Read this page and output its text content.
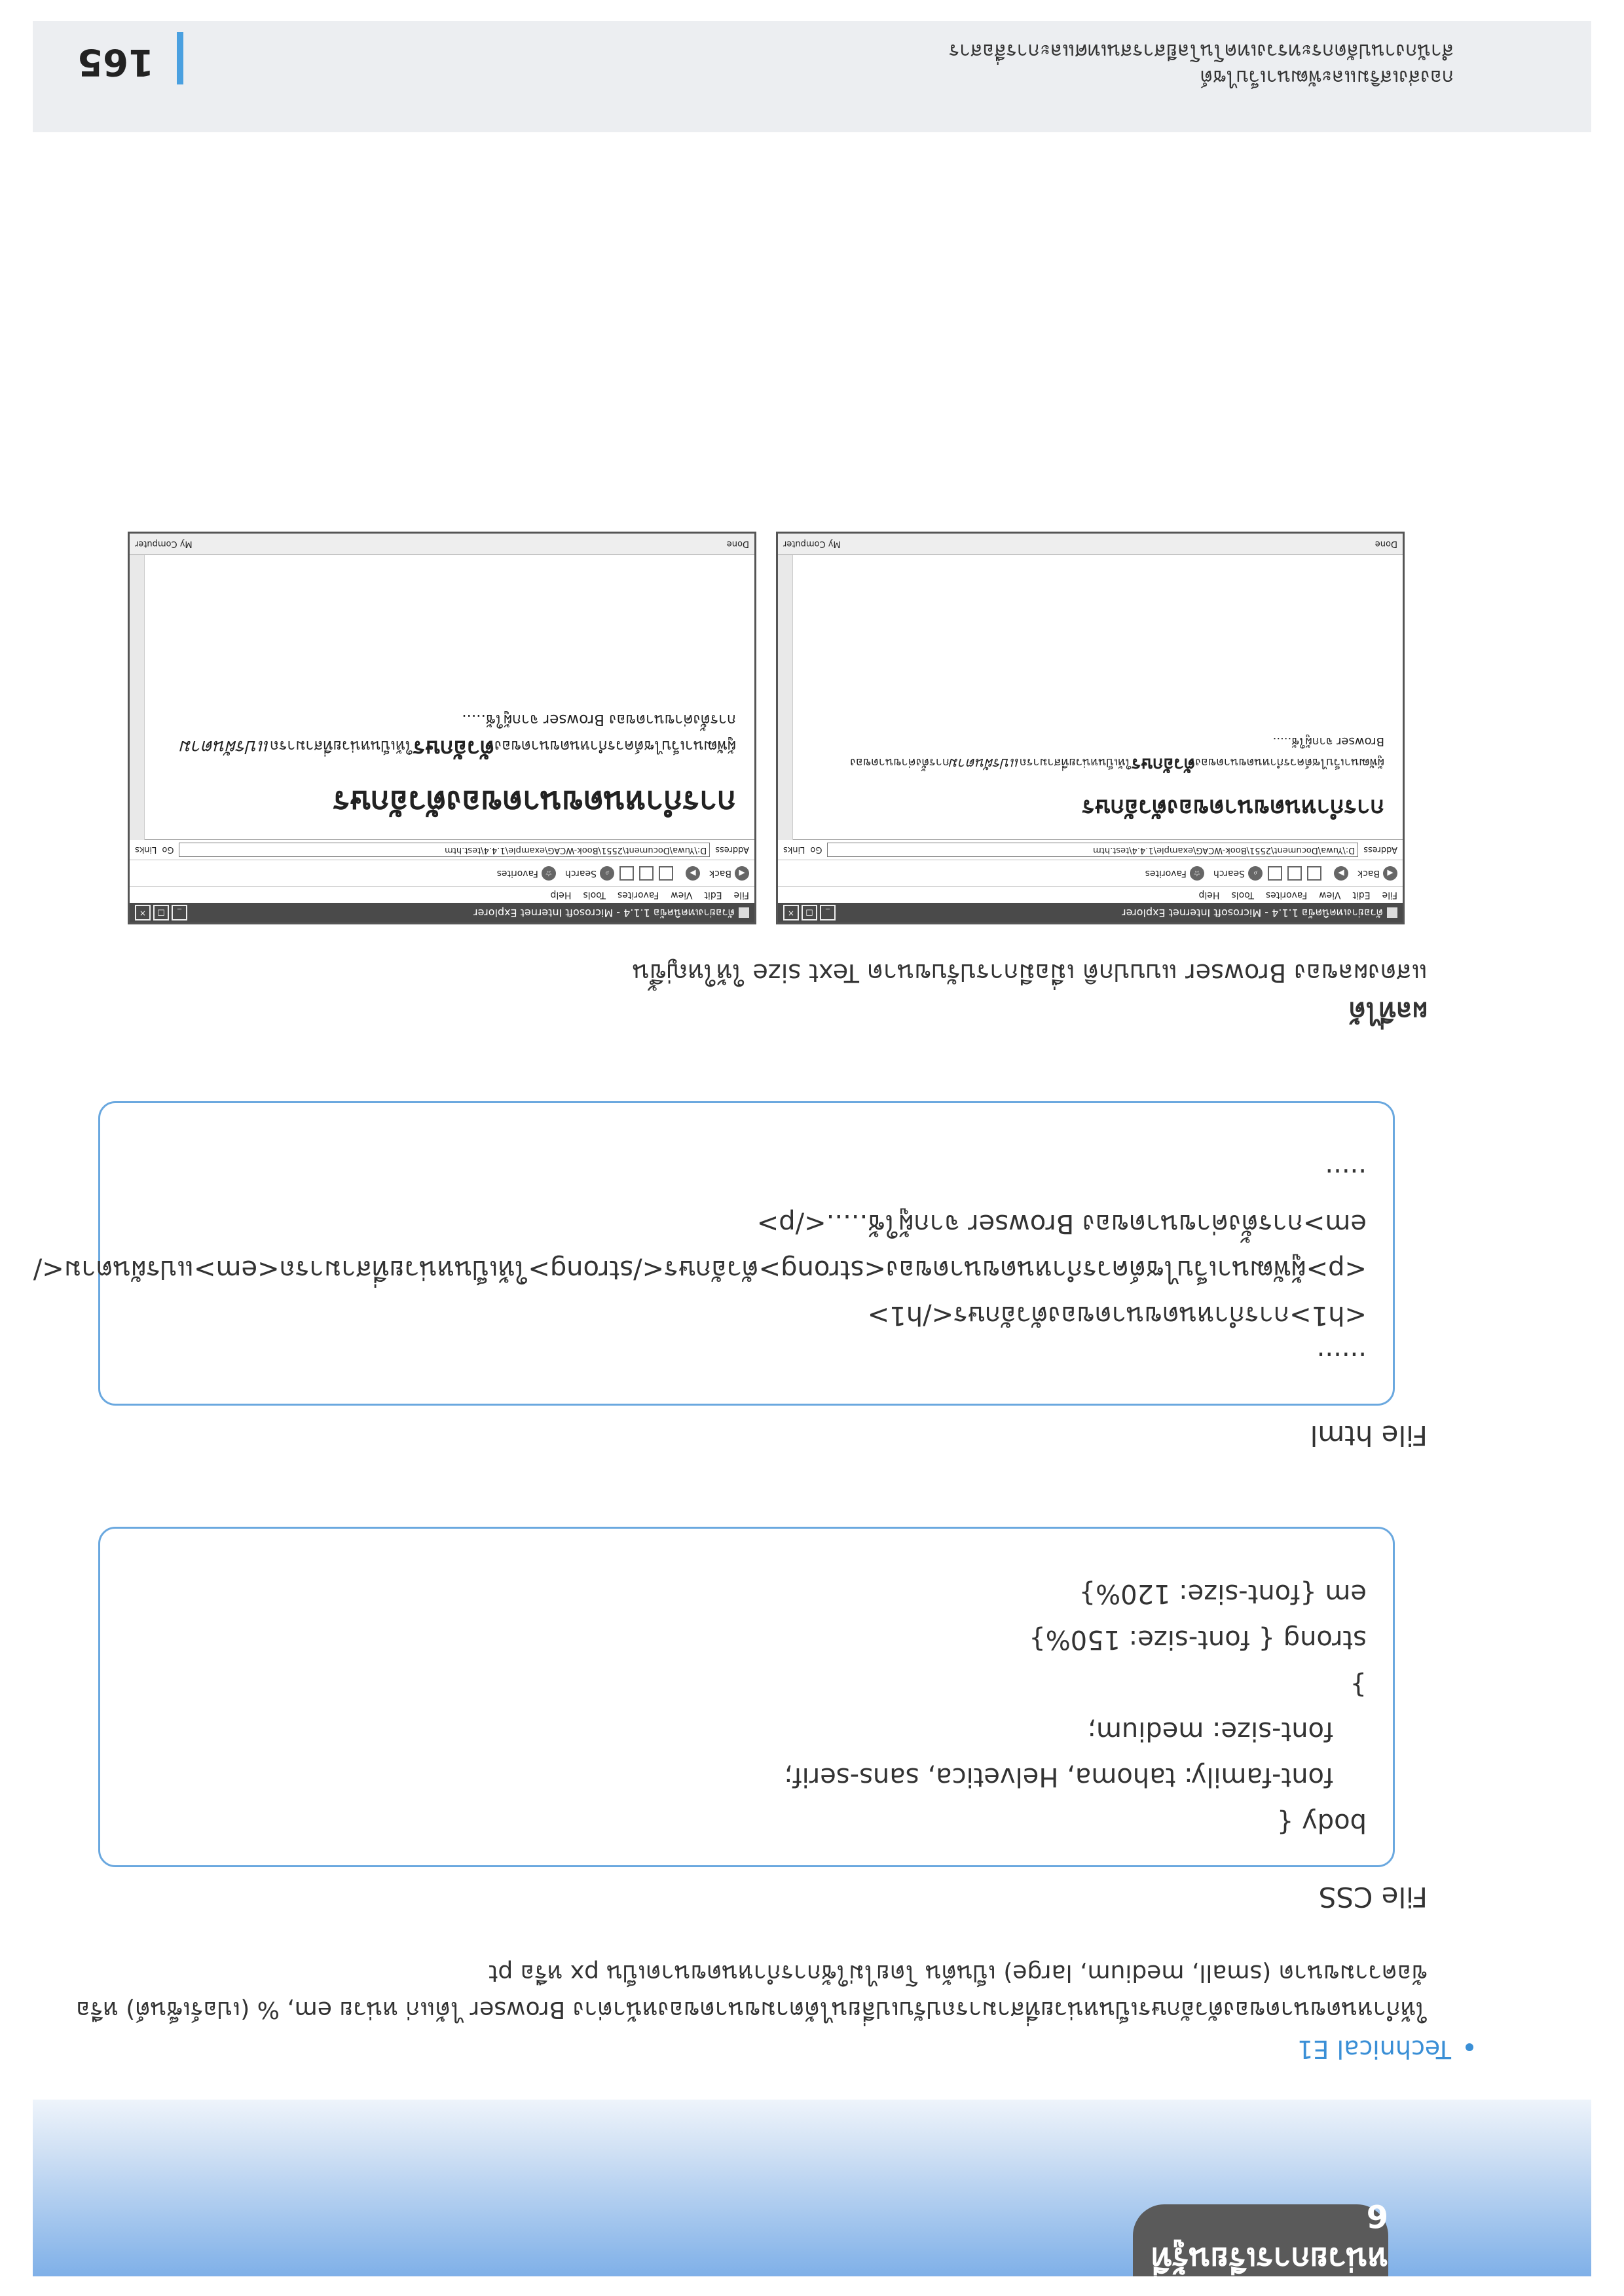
หน่วยการเรียนรู้ที่ 6
Technical E1
ให้กำหนดขนาดของตัวอักษรเป็นหน่วยที่สามารถปรับเปลี่ยนได้ตามขนาดของหน้าต่าง Browser ได้แก่ หน่วย em, % (เปอร์เซ็นต์) หรือข้อความขนาด (small, medium, large) เป็นต้น โดยไม่ใช้การกำหนดขนาดเป็น px หรือ pt
File CSS
body {
font-family: tahoma, Helvetica, sans-serif;
font-size: medium;
}
strong { font-size: 150%}
em {font-size: 120%}
File html
......
<h1>การกำหนดขนาดของตัวอักษร</h1>
<p>ผู้พัฒนาเว็บไซต์ควรกำหนดขนาดของ<strong>ตัวอักษร</strong>ให้เป็นหน่วยที่สามารถ<em>แปรผันตาม</
em>การตั้งค่าขนาดของ Browser จากผู้ใช้.....</p>
.....
ผลที่ได้
แสดงผลของ Browser แบบปกติ เมื่อมีการปรับขนาด Text size ให้ใหญ่ขึ้น
ตัวอย่างเทคนิคข้อ 1.1.4 - Microsoft Internet Explorer
_
□
×
File
Edit
View
Favorites
Tools
Help
◀
Back
▶
⌕
Search
☆
Favorites
Address
D:\Yuwa\Document\2551\Book-WCAG\example\1.4.4\test.htm
Go
Links
การกำหนดขนาดของตัวอักษร

ผู้พัฒนาเว็บไซต์ควรกำหนดขนาดของตัวอักษรให้เป็นหน่วยที่สามารถแปรผันตามการตั้งค่าขนาดของ Browser จากผู้ใช้.....

Done
My Computer
ตัวอย่างเทคนิคข้อ 1.1.4 - Microsoft Internet Explorer
_
□
×
File
Edit
View
Favorites
Tools
Help
◀
Back
▶
⌕
Search
☆
Favorites
Address
D:\Yuwa\Document\2551\Book-WCAG\example\1.4.4\test.htm
Go
Links
การกำหนดขนาดของตัวอักษร

ผู้พัฒนาเว็บไซต์ควรกำหนดขนาดของตัวอักษรให้เป็นหน่วยที่สามารถแปรผันตามการตั้งค่าขนาดของ Browser จากผู้ใช้.....

Done
My Computer
กองส่งเสริมและพัฒนาเว็บไซต์
สำนักงานปลัดกระทรวงเทคโนโลยีสารสนเทศและการสื่อสาร
165
